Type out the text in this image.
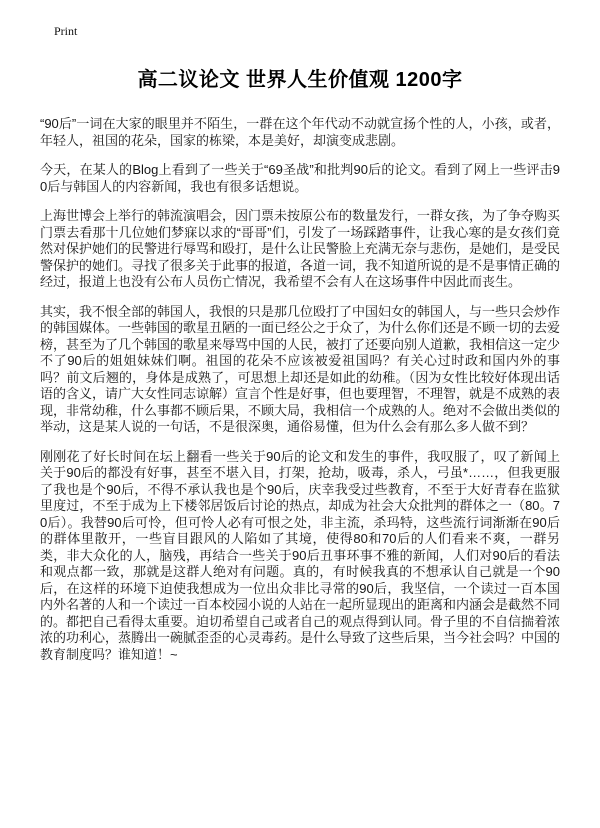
Print
高二议论文 世界人生价值观 1200字

“90后”一词在大家的眼里并不陌生，一群在这个年代动不动就宣扬个性的人，小孩，或者，年轻人，祖国的花朵，国家的栋梁，本是美好，却演变成悲剧。

今天，在某人的Blog上看到了一些关于“69圣战”和批判90后的论文。看到了网上一些评击90后与韩国人的内容新闻，我也有很多话想说。

上海世博会上举行的韩流演唱会，因门票未按原公布的数量发行，一群女孩，为了争夺购买门票去看那十几位她们梦寐以求的“哥哥”们，引发了一场踩踏事件，让我心寒的是女孩们竟然对保护她们的民警进行辱骂和殴打，是什么让民警脸上充满无奈与悲伤，是她们，是受民警保护的她们。寻找了很多关于此事的报道，各道一词，我不知道所说的是不是事情正确的经过，报道上也没有公布人员伤亡情况，我希望不会有人在这场事件中因此而丧生。

其实，我不恨全部的韩国人，我恨的只是那几位殴打了中国妇女的韩国人，与一些只会炒作的韩国媒体。一些韩国的歌星丑陋的一面已经公之于众了，为什么你们还是不顾一切的去爱榜，甚至为了几个韩国的歌星来辱骂中国的人民，被打了还要向别人道歉，我相信这一定少不了90后的姐姐妹妹们啊。祖国的花朵不应该被爱祖国吗？有关心过时政和国内外的事吗？前文后翘的，身体是成熟了，可思想上却还是如此的幼稚。（因为女性比较好体现出话语的含义，请广大女性同志谅解）宣言个性是好事，但也要理智，不理智，就是不成熟的表现，非常幼稚，什么事都不顾后果，不顾大局，我相信一个成熟的人。绝对不会做出类似的举动，这是某人说的一句话，不是很深奥，通俗易懂，但为什么会有那么多人做不到？

刚刚花了好长时间在坛上翻看一些关于90后的论文和发生的事件，我叹服了，叹了新闻上关于90后的都没有好事，甚至不堪入目，打架，抢劫，吸毒，杀人，弓虽*……，但我更服了我也是个90后，不得不承认我也是个90后，庆幸我受过些教育，不至于大好青春在监狱里度过，不至于成为上下楼邻居饭后讨论的热点，却成为社会大众批判的群体之一（80。70后）。我替90后可怜，但可怜人必有可恨之处，非主流，杀玛特，这些流行词渐渐在90后的群体里散开，一些盲目跟风的人陷如了其境，使得80和70后的人们看来不爽，一群另类，非大众化的人，脑残，再结合一些关于90后丑事环事不雅的新闻，人们对90后的看法和观点都一致，那就是这群人绝对有问题。真的，有时候我真的不想承认自己就是一个90后，在这样的环境下迫使我想成为一位出众非比寻常的90后，我坚信，一个读过一百本国内外名著的人和一个读过一百本校园小说的人站在一起所显现出的距离和内涵会是截然不同的。都把自己看得太重要。迫切希望自己或者自己的观点得到认同。骨子里的不自信揣着浓浓的功利心，蒸腾出一碗腻歪歪的心灵毒药。是什么导致了这些后果，当今社会吗？中国的教育制度吗？谁知道！~
